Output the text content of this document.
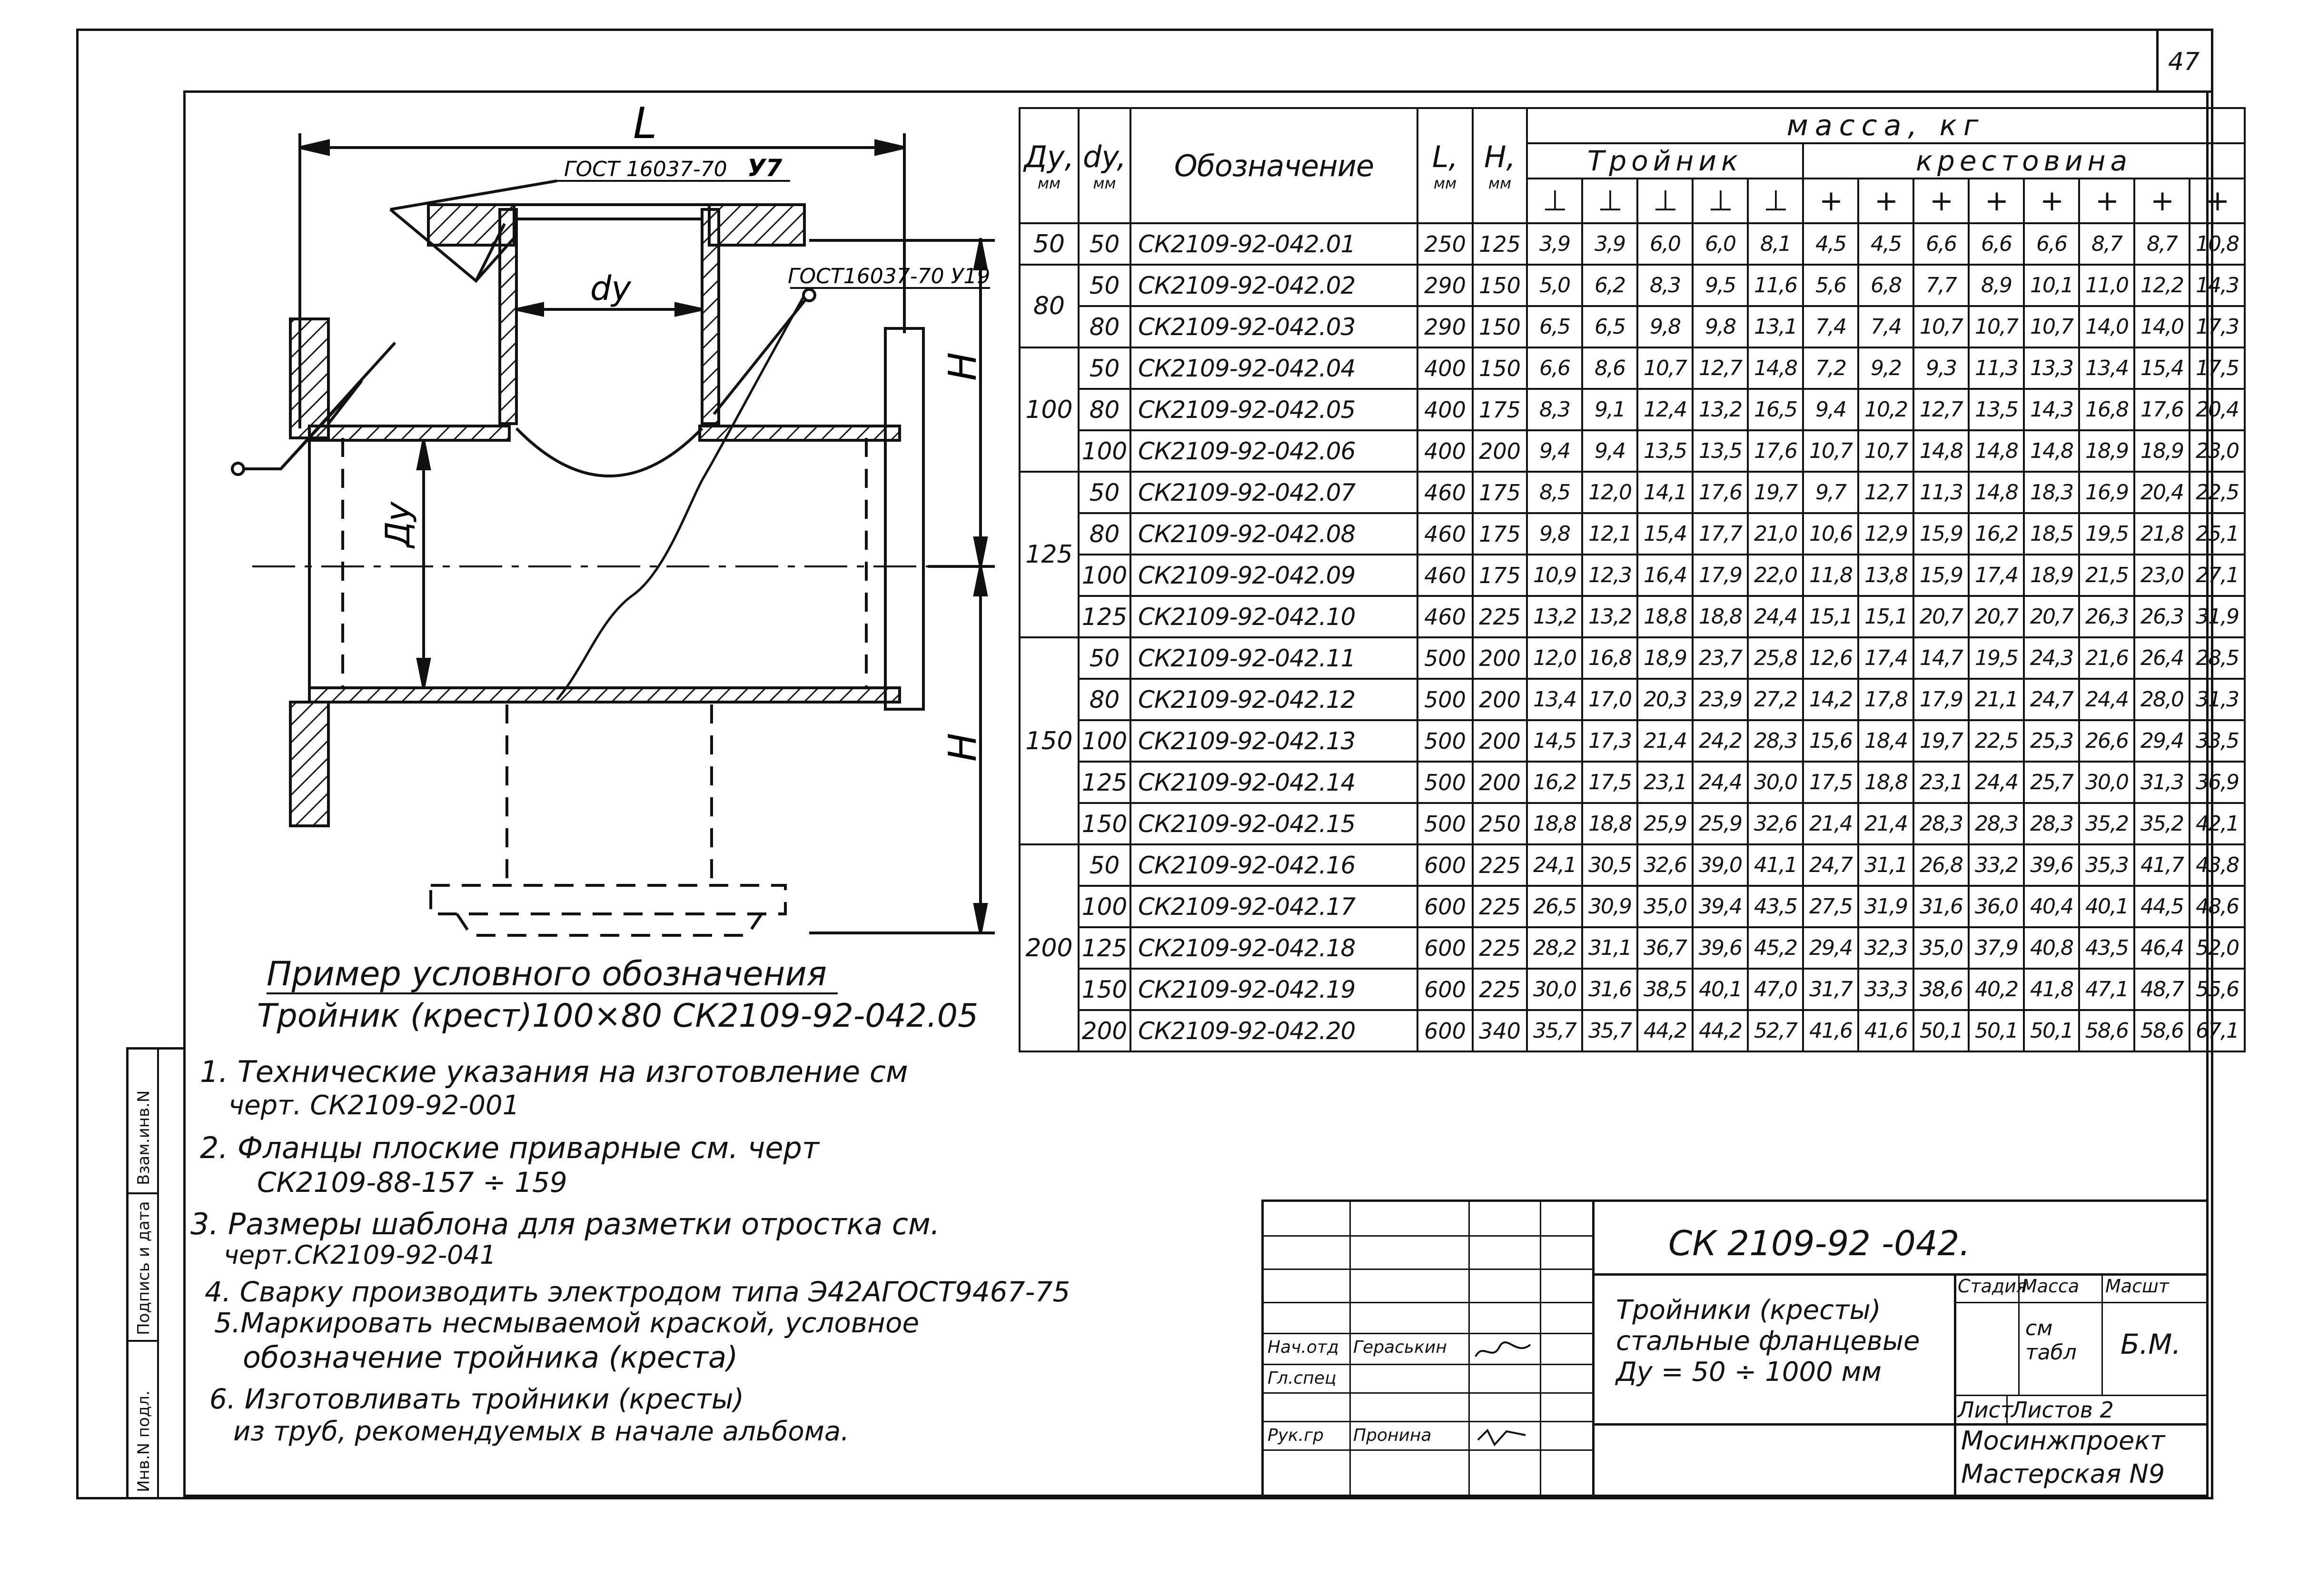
47
Взам.инв.N
Подпись и дата
Инв.N подл.
L
dy
ГОСТ 16037-70 У7
ГОСТ16037-70 У19
Ду
H
H
Пример условного обозначения
Тройник (крест)100×80 СК2109-92-042.05
1. Технические указания на изготовление см
черт. СК2109-92-001
2. Фланцы плоские приварные см. черт
СК2109-88-157 ÷ 159
3. Размеры шаблона для разметки отростка см.
черт.СК2109-92-041
4. Сварку производить электродом типа Э42АГОСТ9467-75
5.Маркировать несмываемой краской, условное
обозначение тройника (креста)
6. Изготовливать тройники (кресты)
из труб, рекомендуемых в начале альбома.
Ду,
мм	dy,
мм	Обозначение	L,
мм	H,
мм	масса, кг												
					Тройник					крестовина							
					⊥	⊥	⊥	⊥	⊥	+	+	+	+	+	+	+	+
50	50	СК2109-92-042.01	250	125	3,9	3,9	6,0	6,0	8,1	4,5	4,5	6,6	6,6	6,6	8,7	8,7	10,8
80	50	СК2109-92-042.02	290	150	5,0	6,2	8,3	9,5	11,6	5,6	6,8	7,7	8,9	10,1	11,0	12,2	14,3
	80	СК2109-92-042.03	290	150	6,5	6,5	9,8	9,8	13,1	7,4	7,4	10,7	10,7	10,7	14,0	14,0	17,3
100	50	СК2109-92-042.04	400	150	6,6	8,6	10,7	12,7	14,8	7,2	9,2	9,3	11,3	13,3	13,4	15,4	17,5
	80	СК2109-92-042.05	400	175	8,3	9,1	12,4	13,2	16,5	9,4	10,2	12,7	13,5	14,3	16,8	17,6	20,4
	100	СК2109-92-042.06	400	200	9,4	9,4	13,5	13,5	17,6	10,7	10,7	14,8	14,8	14,8	18,9	18,9	23,0
125	50	СК2109-92-042.07	460	175	8,5	12,0	14,1	17,6	19,7	9,7	12,7	11,3	14,8	18,3	16,9	20,4	22,5
	80	СК2109-92-042.08	460	175	9,8	12,1	15,4	17,7	21,0	10,6	12,9	15,9	16,2	18,5	19,5	21,8	25,1
	100	СК2109-92-042.09	460	175	10,9	12,3	16,4	17,9	22,0	11,8	13,8	15,9	17,4	18,9	21,5	23,0	27,1
	125	СК2109-92-042.10	460	225	13,2	13,2	18,8	18,8	24,4	15,1	15,1	20,7	20,7	20,7	26,3	26,3	31,9
150	50	СК2109-92-042.11	500	200	12,0	16,8	18,9	23,7	25,8	12,6	17,4	14,7	19,5	24,3	21,6	26,4	28,5
	80	СК2109-92-042.12	500	200	13,4	17,0	20,3	23,9	27,2	14,2	17,8	17,9	21,1	24,7	24,4	28,0	31,3
	100	СК2109-92-042.13	500	200	14,5	17,3	21,4	24,2	28,3	15,6	18,4	19,7	22,5	25,3	26,6	29,4	33,5
	125	СК2109-92-042.14	500	200	16,2	17,5	23,1	24,4	30,0	17,5	18,8	23,1	24,4	25,7	30,0	31,3	36,9
	150	СК2109-92-042.15	500	250	18,8	18,8	25,9	25,9	32,6	21,4	21,4	28,3	28,3	28,3	35,2	35,2	42,1
200	50	СК2109-92-042.16	600	225	24,1	30,5	32,6	39,0	41,1	24,7	31,1	26,8	33,2	39,6	35,3	41,7	43,8
	100	СК2109-92-042.17	600	225	26,5	30,9	35,0	39,4	43,5	27,5	31,9	31,6	36,0	40,4	40,1	44,5	48,6
	125	СК2109-92-042.18	600	225	28,2	31,1	36,7	39,6	45,2	29,4	32,3	35,0	37,9	40,8	43,5	46,4	52,0
	150	СК2109-92-042.19	600	225	30,0	31,6	38,5	40,1	47,0	31,7	33,3	38,6	40,2	41,8	47,1	48,7	55,6
	200	СК2109-92-042.20	600	340	35,7	35,7	44,2	44,2	52,7	41,6	41,6	50,1	50,1	50,1	58,6	58,6	67,1
СК 2109-92 -042.
Тройники (кресты)
стальные фланцевые
Ду = 50 ÷ 1000 мм
Стадия
Масса Масшт
см табл	Б.М.
Лист
Листов 2
Мосинжпроект
Мастерская N9
Нач.отд Гераськин
Гл.спец
Рук.гр Пронина
